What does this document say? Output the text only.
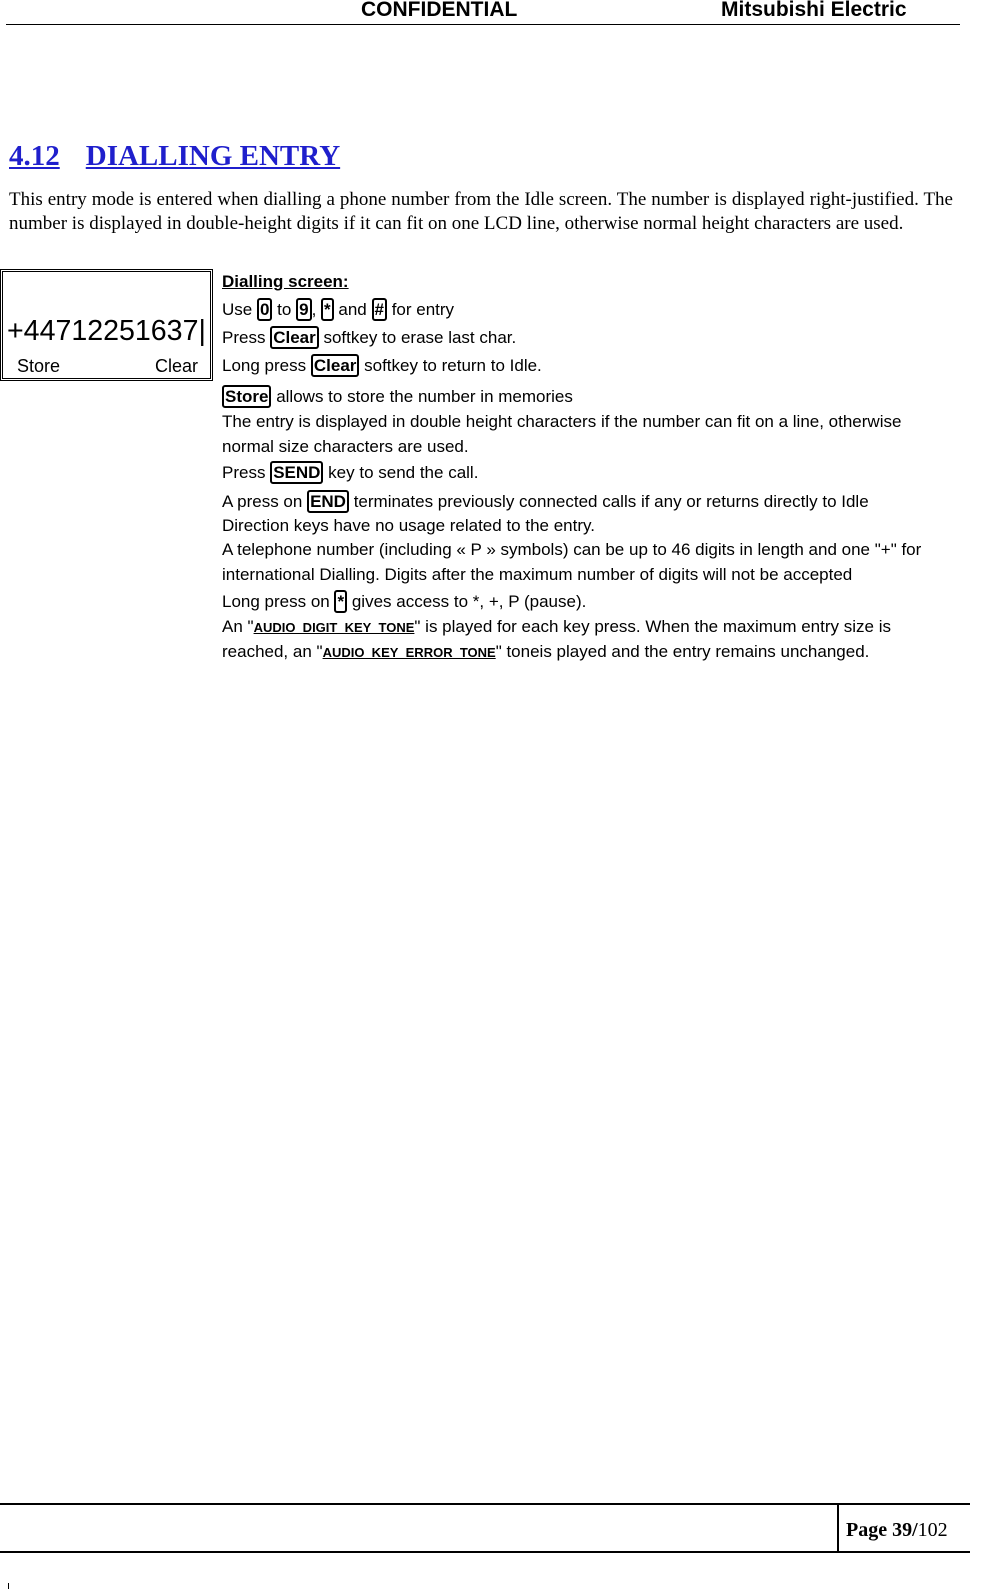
CONFIDENTIAL	Mitsubishi Electric
4.12 DIALLING ENTRY

This entry mode is entered when dialling a phone number from the Idle screen. The number is displayed right-justified. The number is displayed in double-height digits if it can fit on one LCD line, otherwise normal height characters are used.

+44712251637|
Store	Clear
Dialling screen:
Use 0 to 9 , * and # for entry
Press Clear softkey to erase last char.
Long press Clear softkey to return to Idle.
Store allows to store the number in memories
The entry is displayed in double height characters if the number can fit on a line, otherwise
normal size characters are used.
Press SEND key to send the call.
A press on END terminates previously connected calls if any or returns directly to Idle
Direction keys have no usage related to the entry.
A telephone number (including « P » symbols) can be up to 46 digits in length and one "+" for
international Dialling. Digits after the maximum number of digits will not be accepted
Long press on * gives access to *, +, P (pause).
An "AUDIO_DIGIT_KEY_TONE" is played for each key press. When the maximum entry size is
reached, an "AUDIO_KEY_ERROR_TONE" toneis played and the entry remains unchanged.
Page 39/102
